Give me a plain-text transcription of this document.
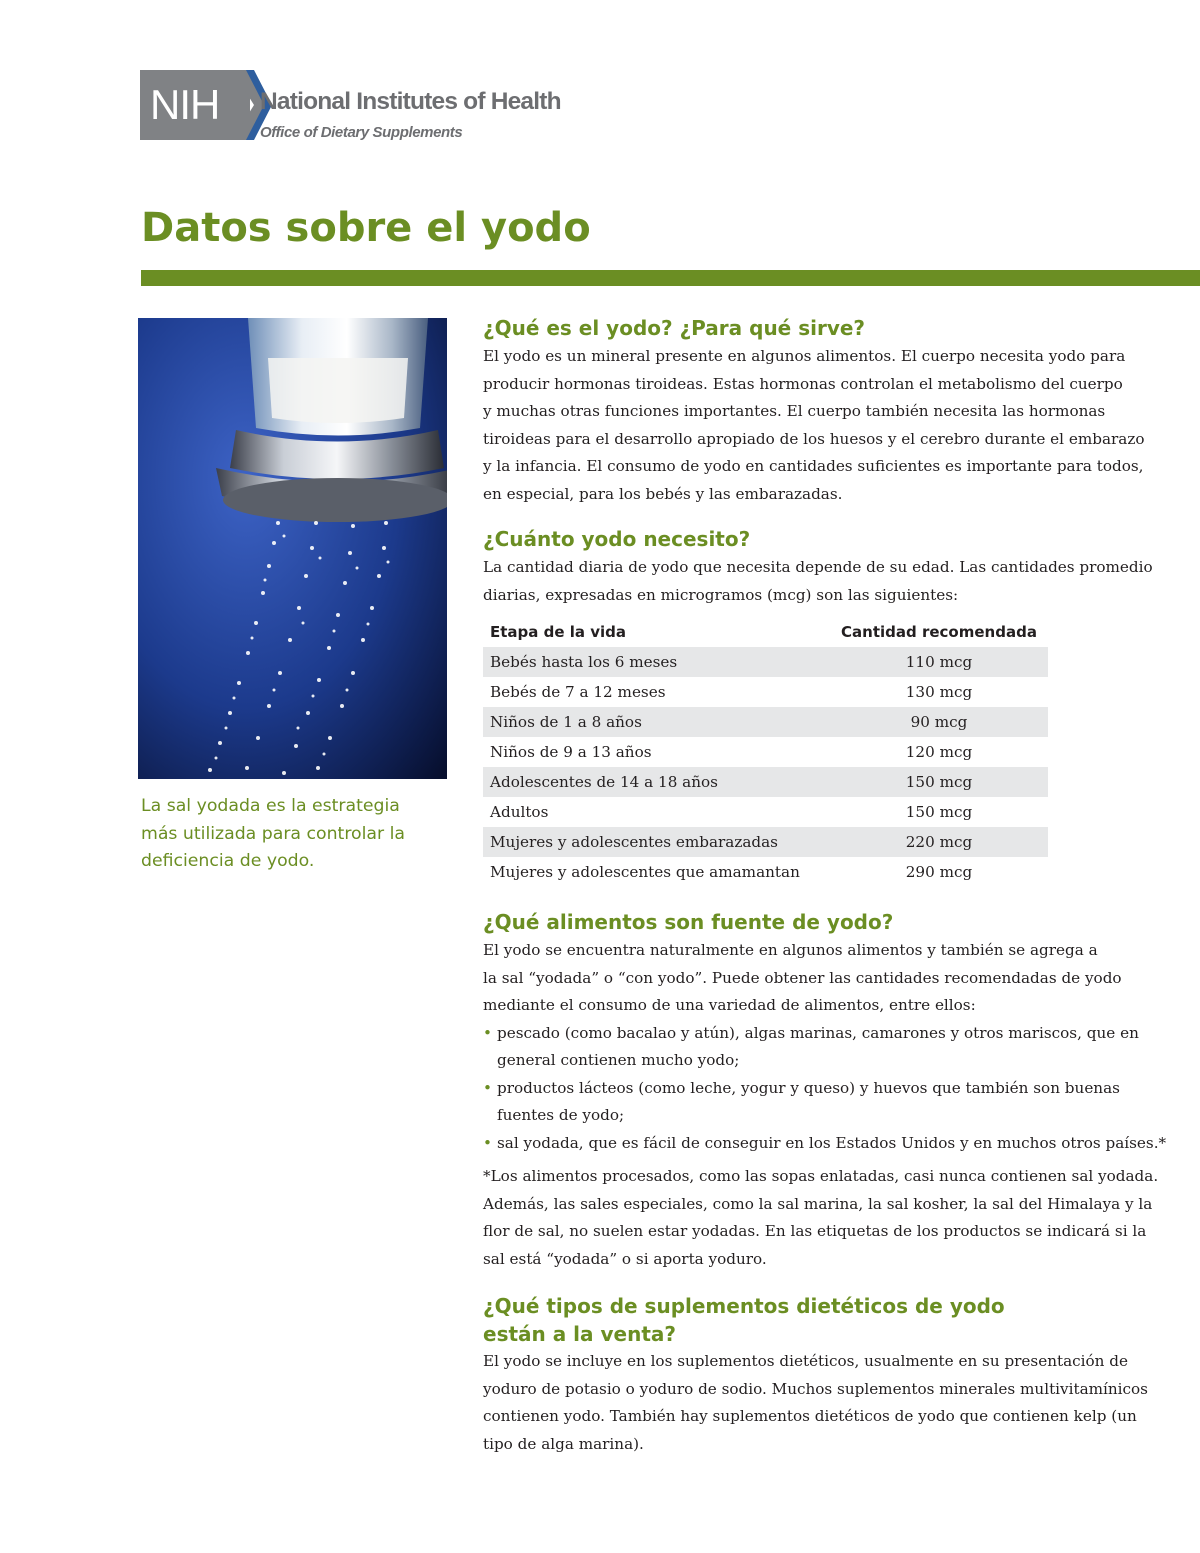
NIH	National Institutes of Health
Office of Dietary Supplements
Datos sobre el yodo
La sal yodada es la estrategia
más utilizada para controlar la
deficiencia de yodo.
¿Qué es el yodo? ¿Para qué sirve?

El yodo es un mineral presente en algunos alimentos. El cuerpo necesita yodo para

producir hormonas tiroideas. Estas hormonas controlan el metabolismo del cuerpo

y muchas otras funciones importantes. El cuerpo también necesita las hormonas

tiroideas para el desarrollo apropiado de los huesos y el cerebro durante el embarazo

y la infancia. El consumo de yodo en cantidades suficientes es importante para todos,

en especial, para los bebés y las embarazadas.

¿Cuánto yodo necesito?

La cantidad diaria de yodo que necesita depende de su edad. Las cantidades promedio

diarias, expresadas en microgramos (mcg) son las siguientes:

Etapa de la vida	Cantidad recomendada
Bebés hasta los 6 meses	110 mcg
Bebés de 7 a 12 meses	130 mcg
Niños de 1 a 8 años	90 mcg
Niños de 9 a 13 años	120 mcg
Adolescentes de 14 a 18 años	150 mcg
Adultos	150 mcg
Mujeres y adolescentes embarazadas	220 mcg
Mujeres y adolescentes que amamantan	290 mcg
¿Qué alimentos son fuente de yodo?

El yodo se encuentra naturalmente en algunos alimentos y también se agrega a

la sal “yodada” o “con yodo”. Puede obtener las cantidades recomendadas de yodo

mediante el consumo de una variedad de alimentos, entre ellos:

• pescado (como bacalao y atún), algas marinas, camarones y otros mariscos, que en
general contienen mucho yodo;
• productos lácteos (como leche, yogur y queso) y huevos que también son buenas
fuentes de yodo;
• sal yodada, que es fácil de conseguir en los Estados Unidos y en muchos otros países.*

*Los alimentos procesados, como las sopas enlatadas, casi nunca contienen sal yodada.

Además, las sales especiales, como la sal marina, la sal kosher, la sal del Himalaya y la

flor de sal, no suelen estar yodadas. En las etiquetas de los productos se indicará si la

sal está “yodada” o si aporta yoduro.

¿Qué tipos de suplementos dietéticos de yodo
están a la venta?

El yodo se incluye en los suplementos dietéticos, usualmente en su presentación de

yoduro de potasio o yoduro de sodio. Muchos suplementos minerales multivitamínicos

contienen yodo. También hay suplementos dietéticos de yodo que contienen kelp (un

tipo de alga marina).
